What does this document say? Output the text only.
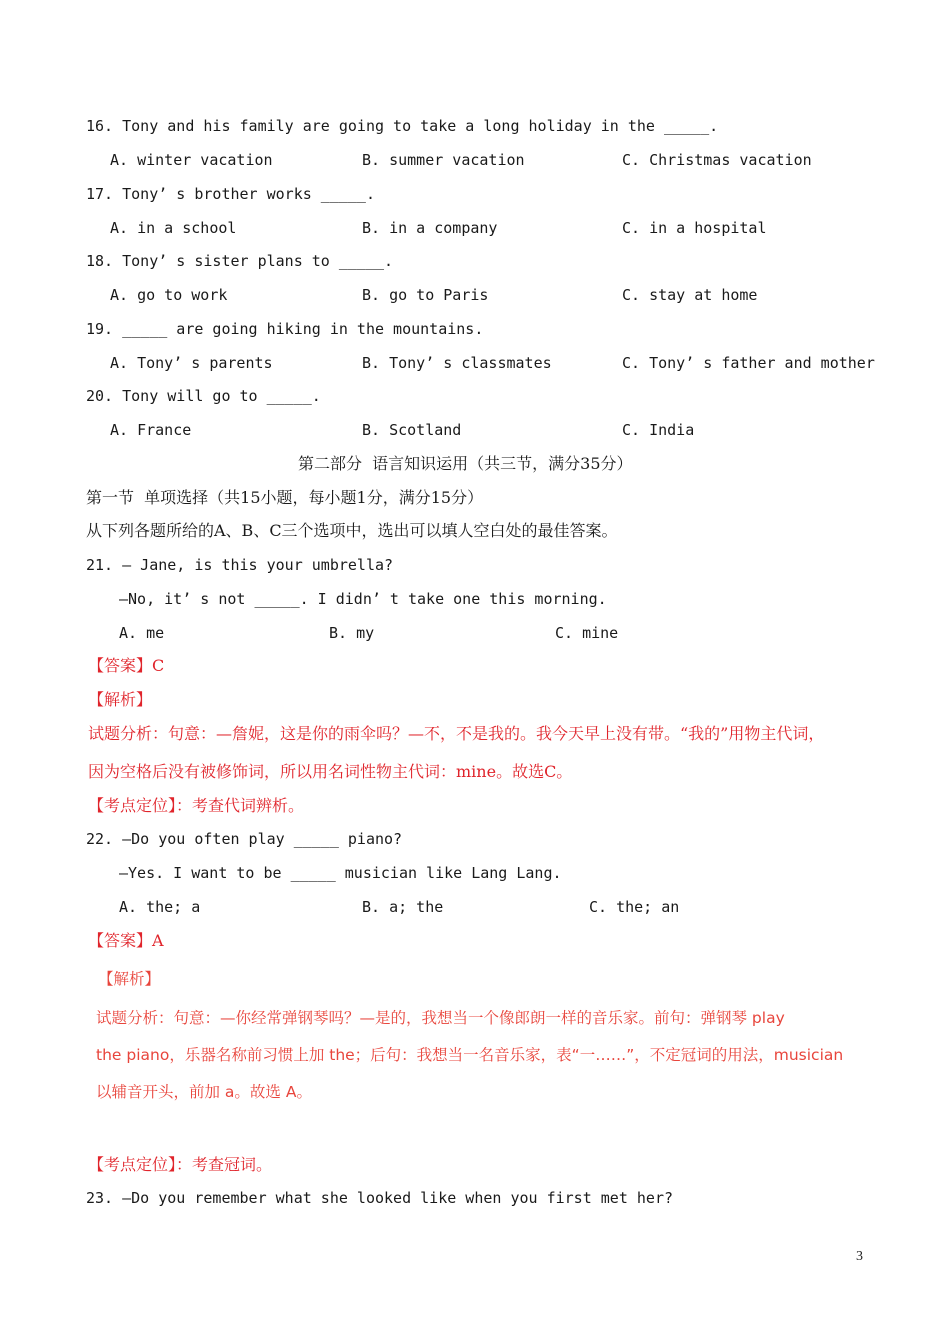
16. Tony and his family are going to take a long holiday in the _____.
A. winter vacation	B. summer vacation	C. Christmas vacation
17. Tony’ s brother works _____.
A. in a school	B. in a company	C. in a hospital
18. Tony’ s sister plans to _____.
A. go to work	B. go to Paris	C. stay at home
19. _____ are going hiking in the mountains.
A. Tony’ s parents	B. Tony’ s classmates	C. Tony’ s father and mother
20. Tony will go to _____.
A. France	B. Scotland	C. India
第二部分  语言知识运用（共三节，满分35分）
第一节  单项选择（共15小题，每小题1分，满分15分）
从下列各题所给的A、B、C三个选项中，选出可以填人空白处的最佳答案。
21. — Jane, is this your umbrella?
—No, it’ s not _____. I didn’ t take one this morning.
A. me	B. my	C. mine
【答案】C
【解析】
试题分析：句意：—詹妮，这是你的雨伞吗？—不，不是我的。我今天早上没有带。“我的”用物主代词，
因为空格后没有被修饰词，所以用名词性物主代词：mine。故选C。
【考点定位】：考查代词辨析。
22. —Do you often play _____ piano?
—Yes. I want to be _____ musician like Lang Lang.
A. the; a	B. a; the	C. the; an
【答案】A
【解析】
试题分析：句意：—你经常弹钢琴吗？—是的，我想当一个像郎朗一样的音乐家。前句：弹钢琴 play
the piano，乐器名称前习惯上加 the；后句：我想当一名音乐家，表“一……”，不定冠词的用法，musician
以辅音开头，前加 a。故选 A。
【考点定位】：考查冠词。
23. —Do you remember what she looked like when you first met her?
3
